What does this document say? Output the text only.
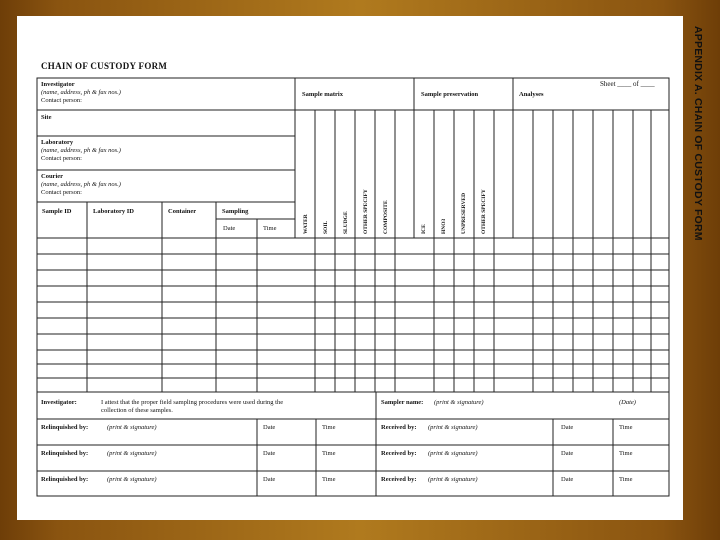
CHAIN OF CUSTODY FORM
Sheet ____ of ____
Investigator
(name, address, ph & fax nos.)
Contact person:
Site
Laboratory
(name, address, ph & fax nos.)
Contact person:
Courier
(name, address, ph & fax nos.)
Contact person:
Sample matrix	Sample preservation	Analyses
Sample ID	Laboratory ID	Container	Sampling
Date	Time	WATER	SOIL	SLUDGE	OTHER SPECIFY	COMPOSITE	ICE	HNO3	UNPRESERVED	OTHER SPECIFY
Investigator:	I attest that the proper field sampling procedures were used during the
collection of these samples.
Sampler name: (print & signature)	(Date)
Relinquished by:	(print & signature)	Date	Time	Received by: (print & signature)	Date	Time
Relinquished by:	(print & signature)	Date	Time	Received by: (print & signature)	Date	Time
Relinquished by:	(print & signature)	Date	Time	Received by: (print & signature)	Date	Time
APPENDIX A. CHAIN OF CUSTODY FORM
